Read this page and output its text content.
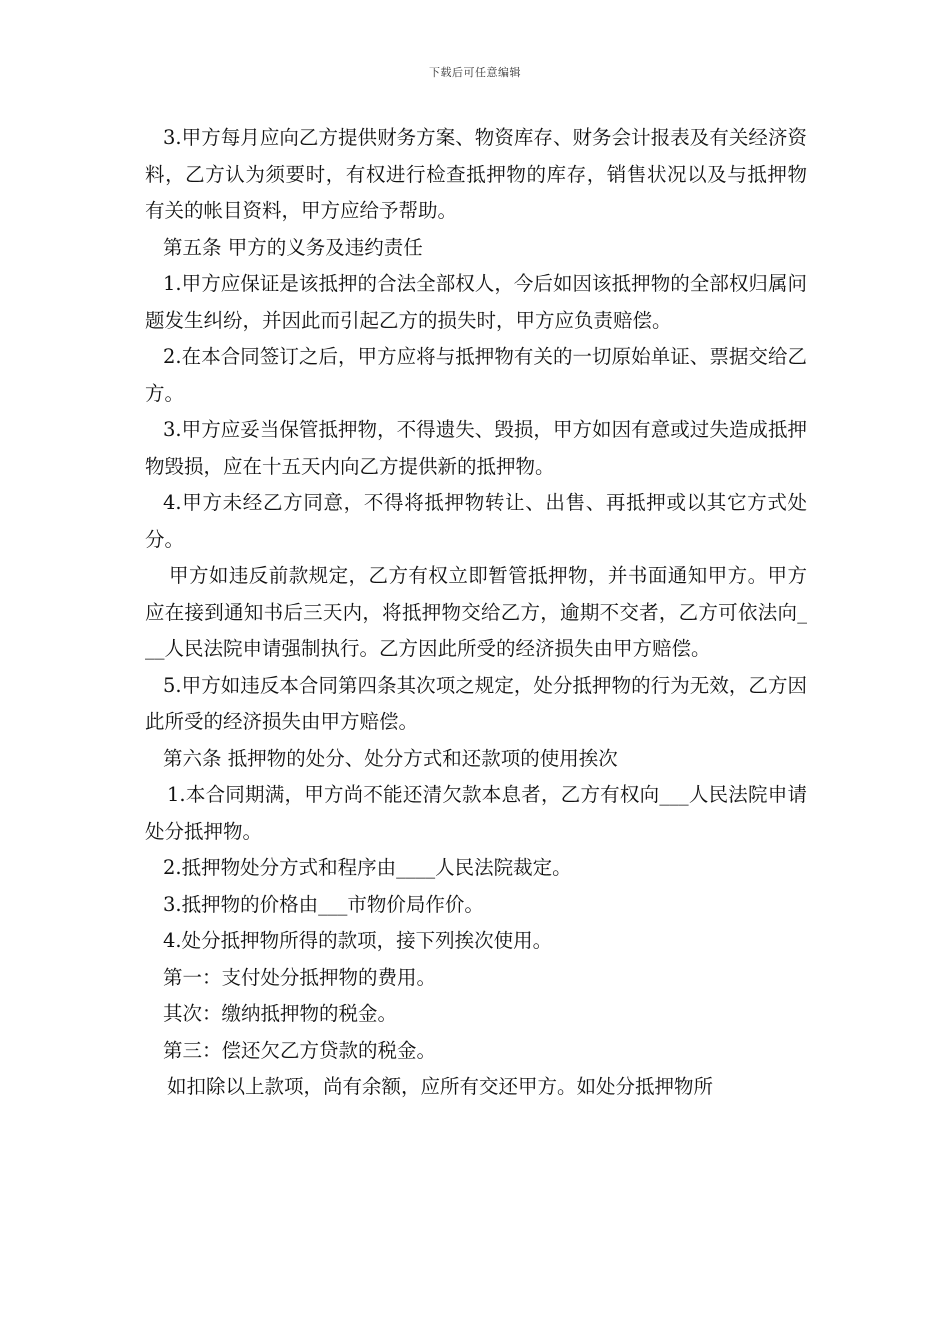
下载后可任意编辑

3.甲方每月应向乙方提供财务方案、物资库存、财务会计报表及有关经济资料，乙方认为须要时，有权进行检查抵押物的库存，销售状况以及与抵押物有关的帐目资料，甲方应给予帮助。

第五条 甲方的义务及违约责任

1.甲方应保证是该抵押的合法全部权人，今后如因该抵押物的全部权归属问题发生纠纷，并因此而引起乙方的损失时，甲方应负责赔偿。

2.在本合同签订之后，甲方应将与抵押物有关的一切原始单证、票据交给乙方。

3.甲方应妥当保管抵押物，不得遗失、毁损，甲方如因有意或过失造成抵押物毁损，应在十五天内向乙方提供新的抵押物。

4.甲方未经乙方同意，不得将抵押物转让、出售、再抵押或以其它方式处分。

甲方如违反前款规定，乙方有权立即暂管抵押物，并书面通知甲方。甲方应在接到通知书后三天内，将抵押物交给乙方，逾期不交者，乙方可依法向___人民法院申请强制执行。乙方因此所受的经济损失由甲方赔偿。

5.甲方如违反本合同第四条其次项之规定，处分抵押物的行为无效，乙方因此所受的经济损失由甲方赔偿。

第六条 抵押物的处分、处分方式和还款项的使用挨次

1.本合同期满，甲方尚不能还清欠款本息者，乙方有权向___人民法院申请处分抵押物。

2.抵押物处分方式和程序由____人民法院裁定。

3.抵押物的价格由___市物价局作价。

4.处分抵押物所得的款项，接下列挨次使用。

第一：支付处分抵押物的费用。

其次：缴纳抵押物的税金。

第三：偿还欠乙方贷款的税金。

如扣除以上款项，尚有余额，应所有交还甲方。如处分抵押物所
